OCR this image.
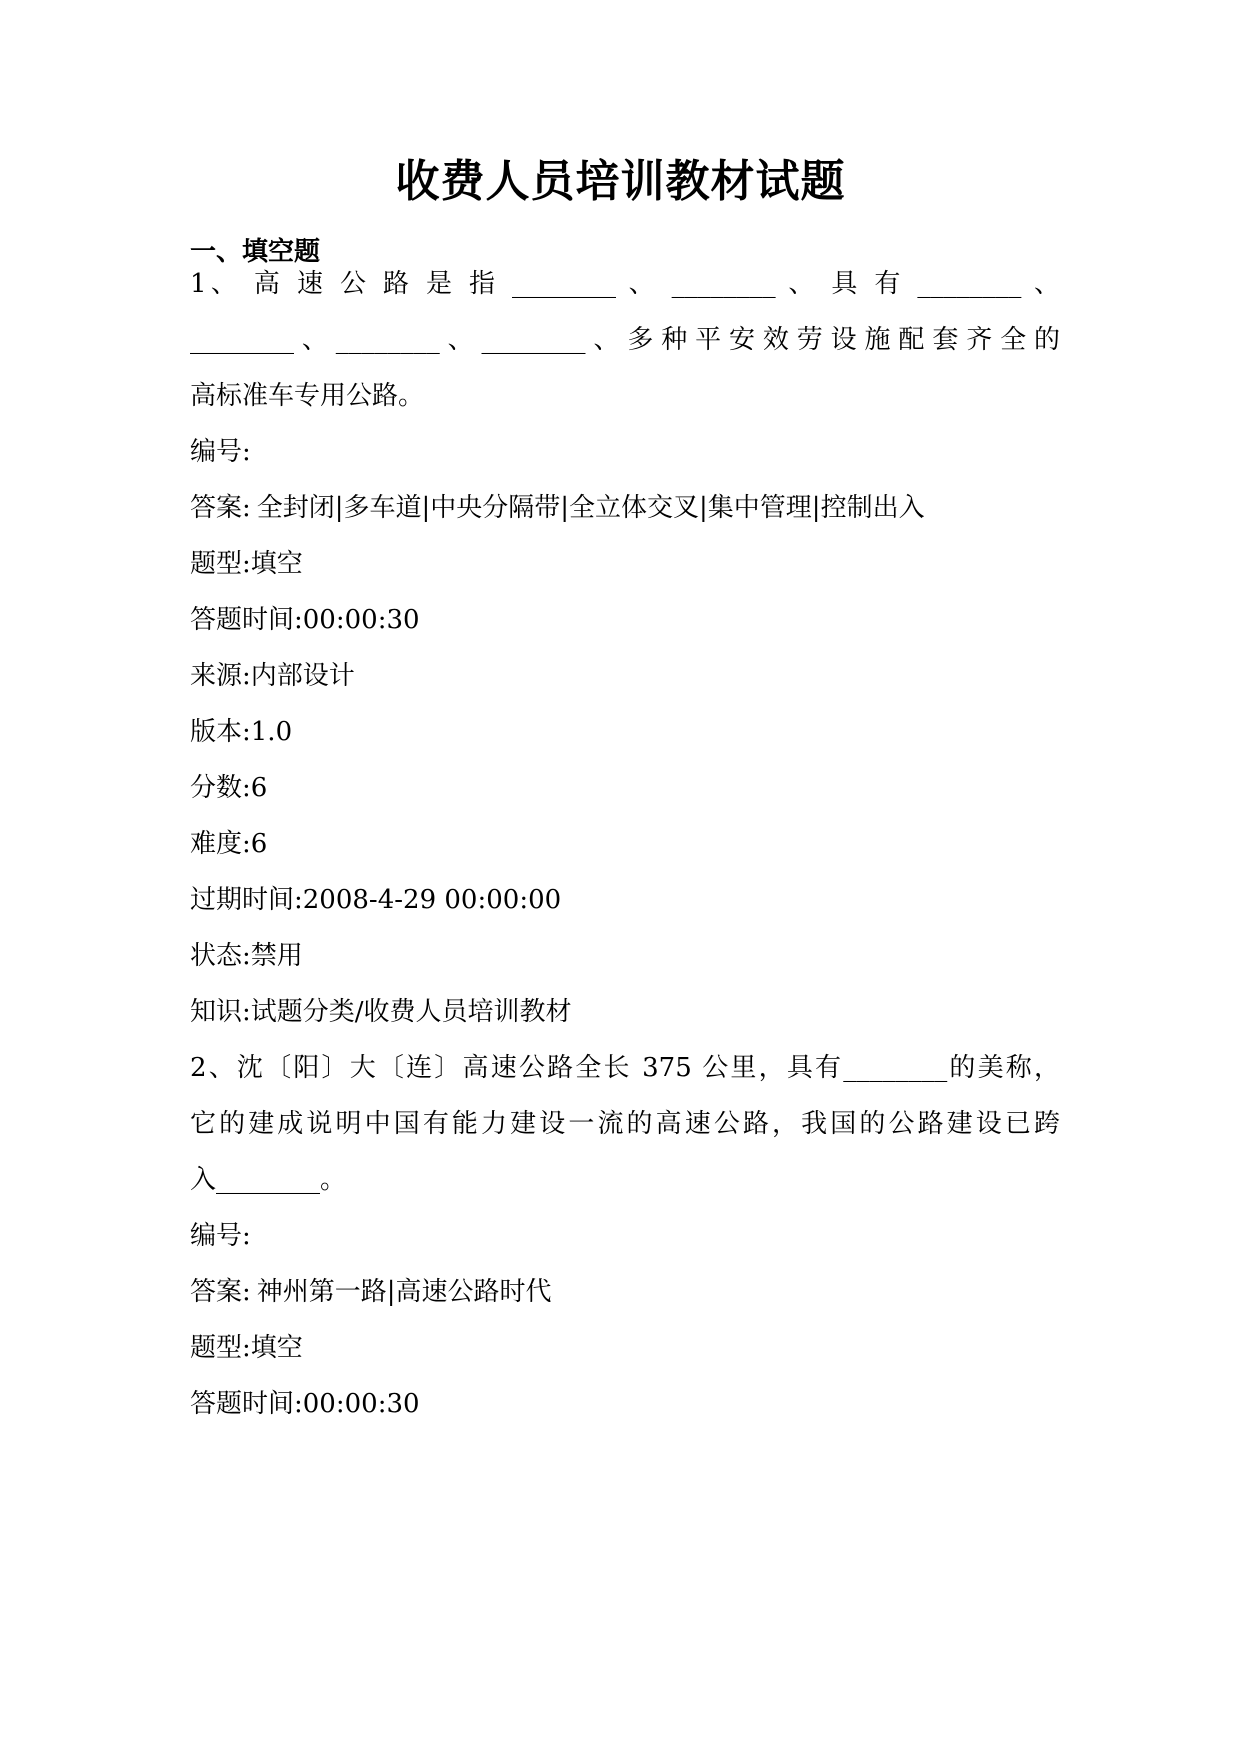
收费人员培训教材试题
一、填空题
1、 高 速 公 路 是 指 ________ 、 ________ 、 具 有 ________ 、
________、________、________、多种平安效劳设施配套齐全的
高标准车专用公路。
编号:
答案: 全封闭|多车道|中央分隔带|全立体交叉|集中管理|控制出入
题型:填空
答题时间:00:00:30
来源:内部设计
版本:1.0
分数:6
难度:6
过期时间:2008-4-29 00:00:00
状态:禁用
知识:试题分类/收费人员培训教材
2、沈〔阳〕大〔连〕高速公路全长 375 公里，具有________的美称，
它的建成说明中国有能力建设一流的高速公路，我国的公路建设已跨
入________。
编号:
答案: 神州第一路|高速公路时代
题型:填空
答题时间:00:00:30
